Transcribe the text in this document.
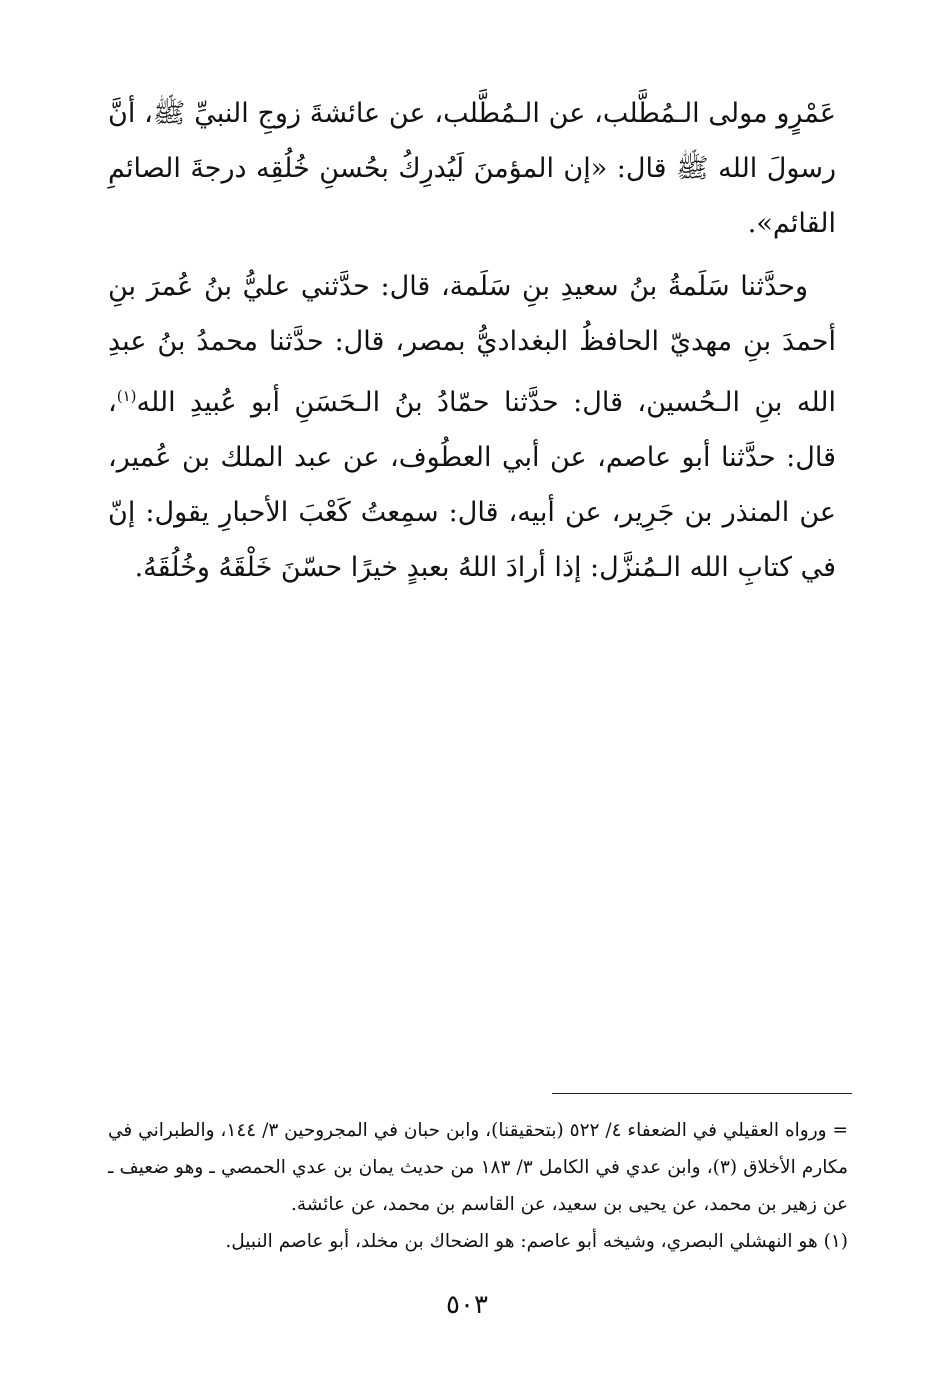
عَمْرٍو مولى الـمُطَّلب، عن الـمُطَّلب، عن عائشةَ زوجِ النبيِّ ﷺ، أنَّ رسولَ الله ﷺ قال: «إن المؤمنَ لَيُدرِكُ بحُسنِ خُلُقِه درجةَ الصائمِ القائم».

وحدَّثنا سَلَمةُ بنُ سعيدِ بنِ سَلَمة، قال: حدَّثني عليُّ بنُ عُمرَ بنِ أحمدَ بنِ مهديّ الحافظُ البغداديُّ بمصر، قال: حدَّثنا محمدُ بنُ عبدِ الله بنِ الـحُسين، قال: حدَّثنا حمّادُ بنُ الـحَسَنِ أبو عُبيدِ الله$^{(١)}$، قال: حدَّثنا أبو عاصم، عن أبي العطُوف، عن عبد الملك بن عُمير، عن المنذر بن جَرِير، عن أبيه، قال: سمِعتُ كَعْبَ الأحبارِ يقول: إنّ في كتابِ الله الـمُنزَّل: إذا أرادَ اللهُ بعبدٍ خيرًا حسّنَ خَلْقَهُ وخُلُقَهُ.

= ورواه العقيلي في الضعفاء ٤/ ٥٢٢ (بتحقيقنا)، وابن حبان في المجروحين ٣/ ١٤٤، والطبراني في مكارم الأخلاق (٣)، وابن عدي في الكامل ٣/ ١٨٣ من حديث يمان بن عدي الحمصي ـ وهو ضعيف ـ عن زهير بن محمد، عن يحيى بن سعيد، عن القاسم بن محمد، عن عائشة.

(١) هو النهشلي البصري، وشيخه أبو عاصم: هو الضحاك بن مخلد، أبو عاصم النبيل.

٥٠٣
